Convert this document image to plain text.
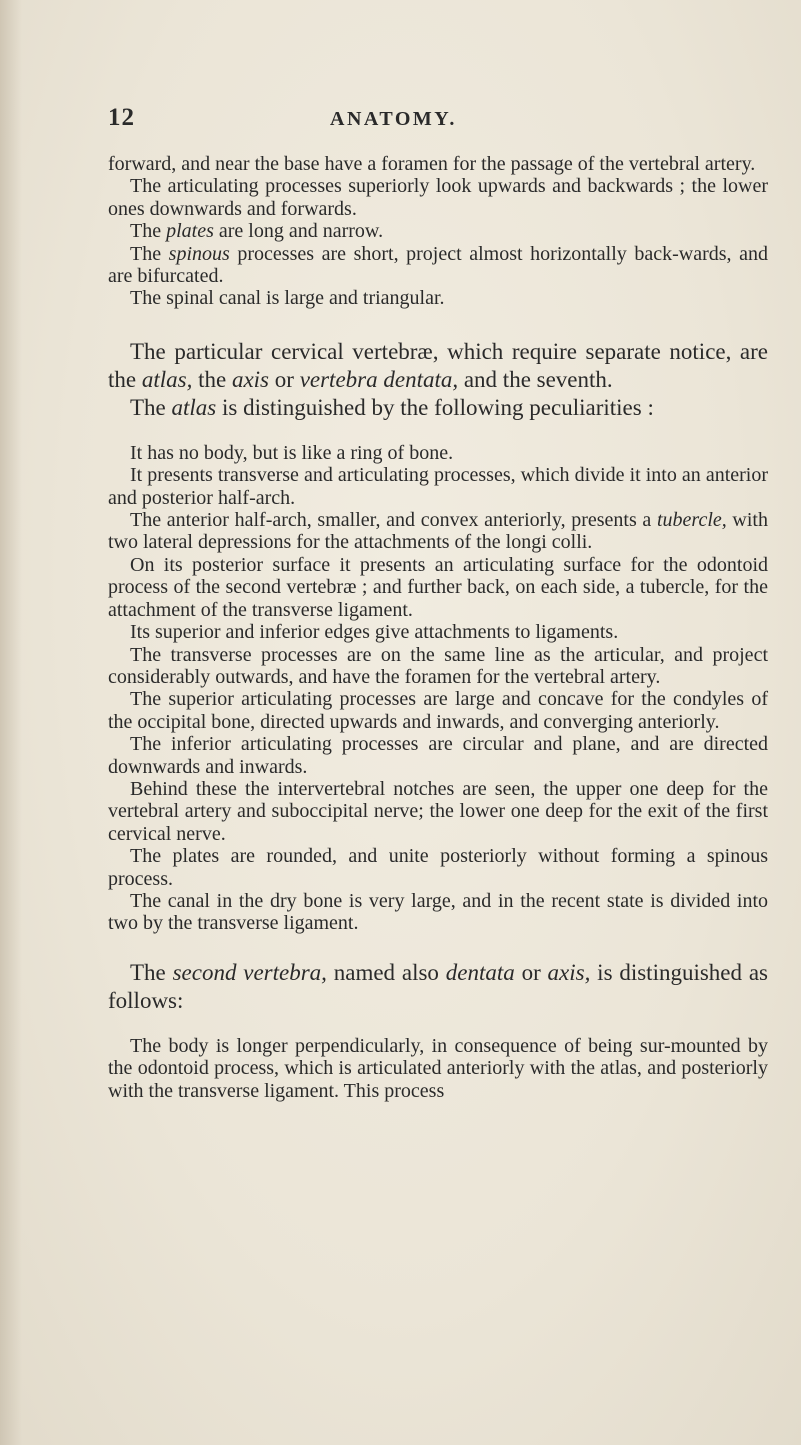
12	ANATOMY.

forward, and near the base have a foramen for the passage of the vertebral artery.

The articulating processes superiorly look upwards and backwards ; the lower ones downwards and forwards.

The plates are long and narrow.

The spinous processes are short, project almost horizontally back-wards, and are bifurcated.

The spinal canal is large and triangular.

The particular cervical vertebræ, which require separate notice, are the atlas, the axis or vertebra dentata, and the seventh.

The atlas is distinguished by the following peculiarities :

It has no body, but is like a ring of bone.

It presents transverse and articulating processes, which divide it into an anterior and posterior half-arch.

The anterior half-arch, smaller, and convex anteriorly, presents a tubercle, with two lateral depressions for the attachments of the longi colli.

On its posterior surface it presents an articulating surface for the odontoid process of the second vertebræ ; and further back, on each side, a tubercle, for the attachment of the transverse ligament.

Its superior and inferior edges give attachments to ligaments.

The transverse processes are on the same line as the articular, and project considerably outwards, and have the foramen for the vertebral artery.

The superior articulating processes are large and concave for the condyles of the occipital bone, directed upwards and inwards, and converging anteriorly.

The inferior articulating processes are circular and plane, and are directed downwards and inwards.

Behind these the intervertebral notches are seen, the upper one deep for the vertebral artery and suboccipital nerve; the lower one deep for the exit of the first cervical nerve.

The plates are rounded, and unite posteriorly without forming a spinous process.

The canal in the dry bone is very large, and in the recent state is divided into two by the transverse ligament.

The second vertebra, named also dentata or axis, is distinguished as follows:

The body is longer perpendicularly, in consequence of being sur-mounted by the odontoid process, which is articulated anteriorly with the atlas, and posteriorly with the transverse ligament. This process
